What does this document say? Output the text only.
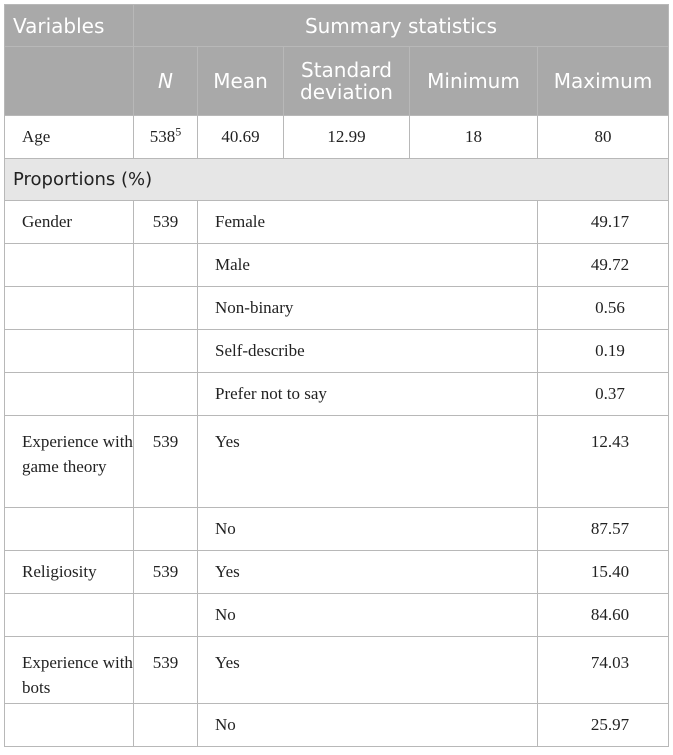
Variables	Summary statistics				
	N	Mean	Standard deviation	Minimum	Maximum
Age	$538^5$	40.69	12.99	18	80
Proportions (%)					
Gender	539	Female			49.17
		Male			49.72
		Non-binary			0.56
		Self-describe			0.19
		Prefer not to say			0.37
Experience with game theory	539	Yes			12.43
		No			87.57
Religiosity	539	Yes			15.40
		No			84.60
Experience with bots	539	Yes			74.03
		No			25.97
